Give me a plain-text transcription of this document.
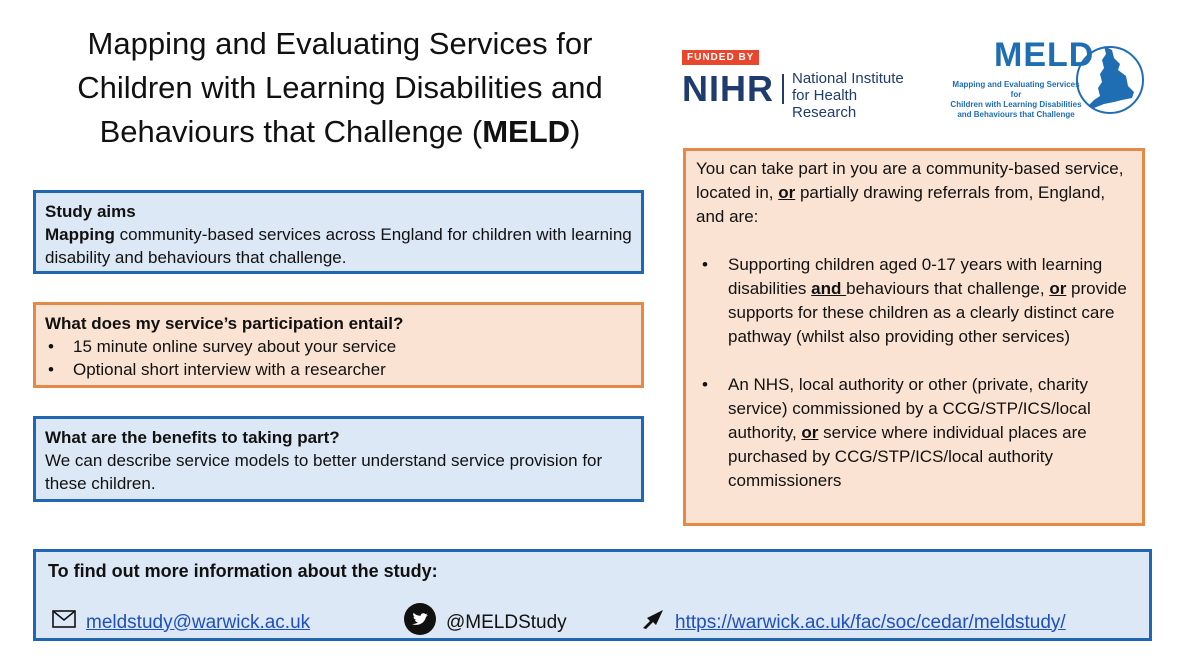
Mapping and Evaluating Services for
Children with Learning Disabilities and
Behaviours that Challenge (MELD)
FUNDED BY
NIHR National Institute
for Health Research
MELD
Mapping and Evaluating Services for
Children with Learning Disabilities
and Behaviours that Challenge
Study aims
Mapping community-based services across England for children with learning disability and behaviours that challenge.
What does my service’s participation entail?
• 15 minute online survey about your service
• Optional short interview with a researcher
What are the benefits to taking part?
We can describe service models to better understand service provision for these children.
You can take part in you are a community-based service, located in, or partially drawing referrals from, England, and are:
• Supporting children aged 0-17 years with learning disabilities and behaviours that challenge, or provide supports for these children as a clearly distinct care pathway (whilst also providing other services)
• An NHS, local authority or other (private, charity service) commissioned by a CCG/STP/ICS/local authority, or service where individual places are purchased by CCG/STP/ICS/local authority commissioners
To find out more information about the study:
meldstudy@warwick.ac.uk	@MELDStudy	https://warwick.ac.uk/fac/soc/cedar/meldstudy/
